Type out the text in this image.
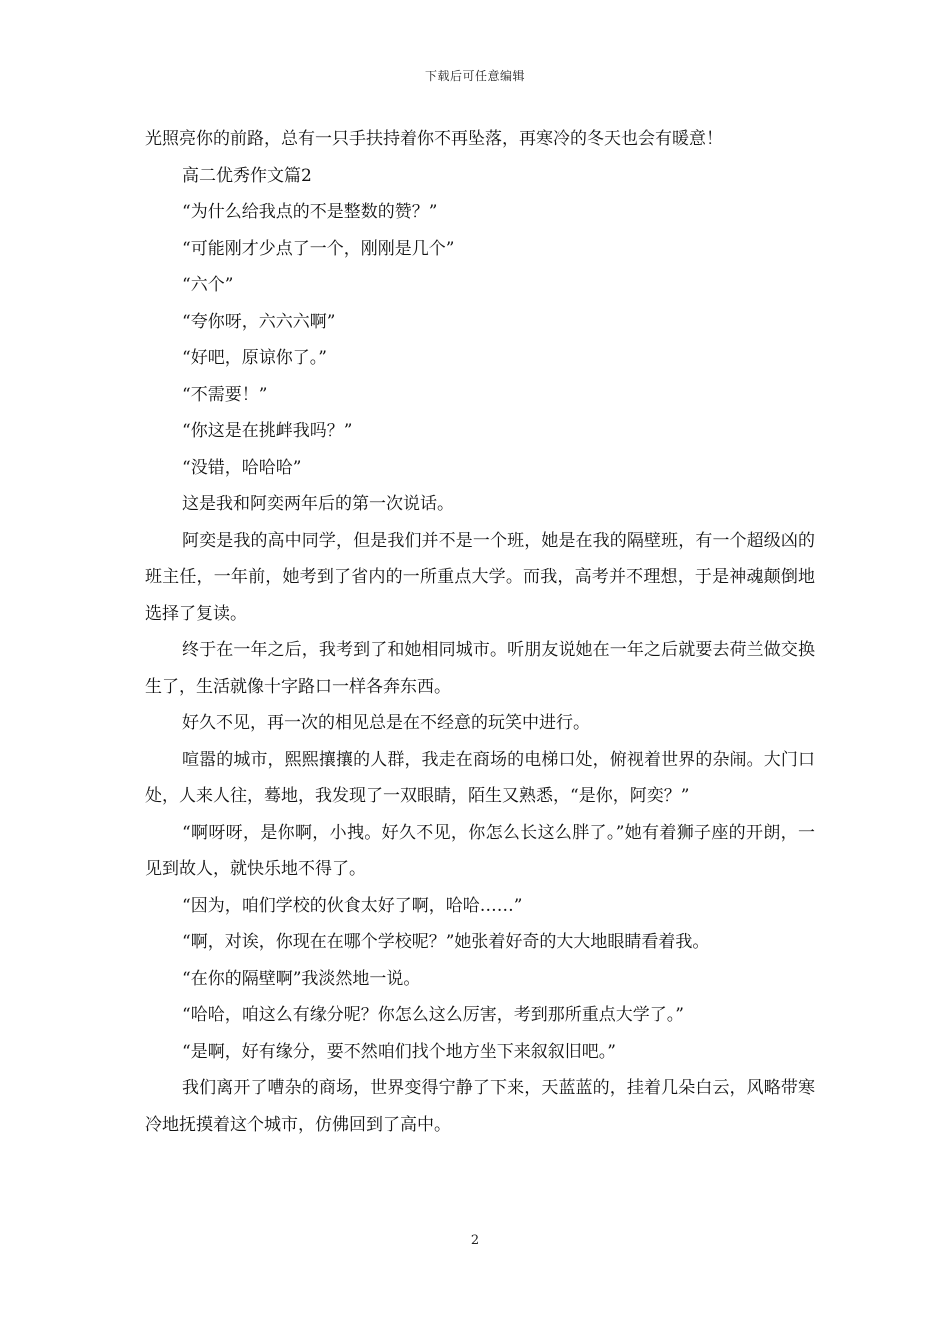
下载后可任意编辑

光照亮你的前路，总有一只手扶持着你不再坠落，再寒冷的冬天也会有暖意！

高二优秀作文篇2

“为什么给我点的不是整数的赞？”

“可能刚才少点了一个，刚刚是几个”

“六个”

“夸你呀，六六六啊”

“好吧，原谅你了。”

“不需要！”

“你这是在挑衅我吗？”

“没错，哈哈哈”

这是我和阿奕两年后的第一次说话。

阿奕是我的高中同学，但是我们并不是一个班，她是在我的隔壁班，有一个超级凶的班主任，一年前，她考到了省内的一所重点大学。而我，高考并不理想，于是神魂颠倒地选择了复读。

终于在一年之后，我考到了和她相同城市。听朋友说她在一年之后就要去荷兰做交换生了，生活就像十字路口一样各奔东西。

好久不见，再一次的相见总是在不经意的玩笑中进行。

喧嚣的城市，熙熙攘攘的人群，我走在商场的电梯口处，俯视着世界的杂闹。大门口处，人来人往，蓦地，我发现了一双眼睛，陌生又熟悉，“是你，阿奕？”

“啊呀呀，是你啊，小拽。好久不见，你怎么长这么胖了。”她有着狮子座的开朗，一见到故人，就快乐地不得了。

“因为，咱们学校的伙食太好了啊，哈哈……”

“啊，对诶，你现在在哪个学校呢？”她张着好奇的大大地眼睛看着我。

“在你的隔壁啊”我淡然地一说。

“哈哈，咱这么有缘分呢？你怎么这么厉害，考到那所重点大学了。”

“是啊，好有缘分，要不然咱们找个地方坐下来叙叙旧吧。”

我们离开了嘈杂的商场，世界变得宁静了下来，天蓝蓝的，挂着几朵白云，风略带寒冷地抚摸着这个城市，仿佛回到了高中。

2
